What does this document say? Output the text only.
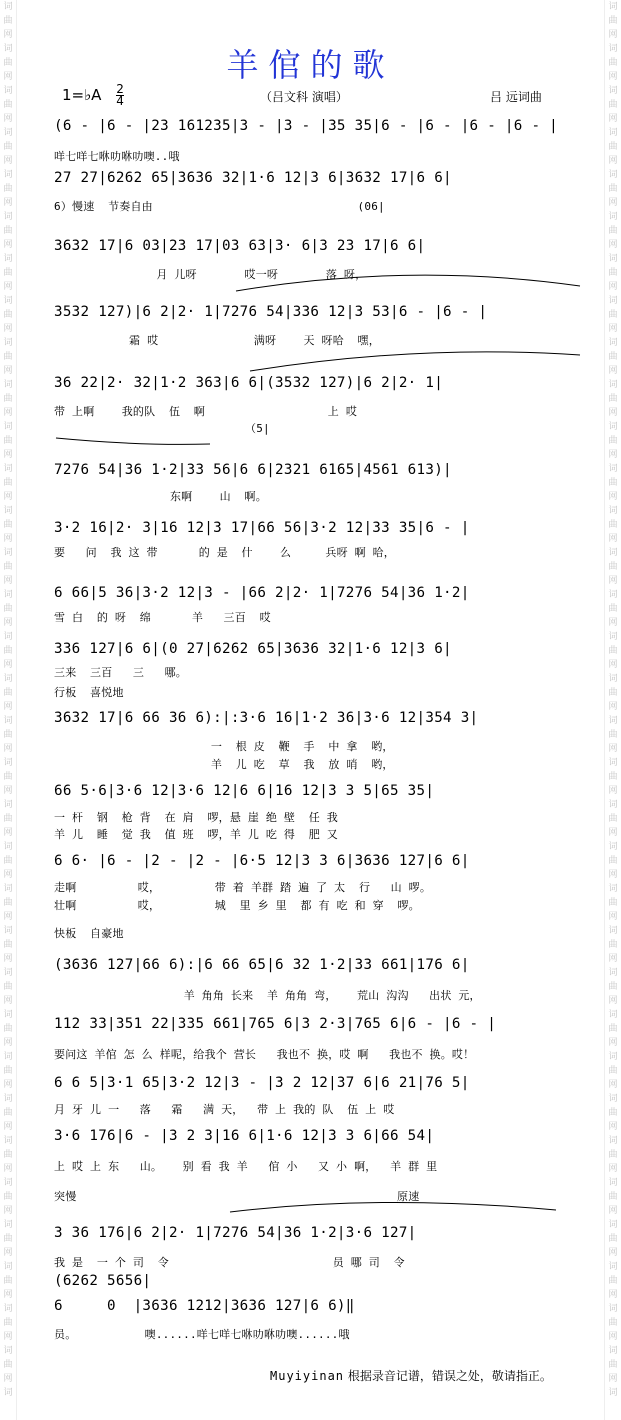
词
曲
网
词
曲
网
词
曲
网
词
曲
网
词
曲
网
词
曲
网
词
曲
网
词
曲
网
词
曲
网
词
曲
网
词
曲
网
词
曲
网
词
曲
网
词
曲
网
词
曲
网
词
曲
网
词
曲
网
词
曲
网
词
曲
网
词
曲
网
词
曲
网
词
曲
网
词
曲
网
词
曲
网
词
曲
网
词
曲
网
词
曲
网
词
曲
网
词
曲
网
词
曲
网
词
曲
网
词
曲
网
词
曲
网
词

词
曲
网
词
曲
网
词
曲
网
词
曲
网
词
曲
网
词
曲
网
词
曲
网
词
曲
网
词
曲
网
词
曲
网
词
曲
网
词
曲
网
词
曲
网
词
曲
网
词
曲
网
词
曲
网
词
曲
网
词
曲
网
词
曲
网
词
曲
网
词
曲
网
词
曲
网
词
曲
网
词
曲
网
词
曲
网
词
曲
网
词
曲
网
词
曲
网
词
曲
网
词
曲
网
词
曲
网
词
曲
网
词
曲
网
词

羊倌的歌
1=♭A $\frac{2}{4}$	（吕文科 演唱）	吕 远词曲
(6 - |6 - |23 161235|3 - |3 - |35 35|6 - |6 - |6 - |6 - |
咩七咩七咻叻咻叻噢..哦
27 27|6262 65|3636 32|1·6 12|3 6|3632 17|6 6|
6）慢速  节奏自由                              (06|
3632 17|6 03|23 17|03 63|3· 6|3 23 17|6 6|
月 儿呀       哎一呀       落 呀，
3532 127)|6 2|2· 1|7276 54|336 12|3 53|6 - |6 - |
霜 哎              满呀    天 呀哈  嘿，
36 22|2· 32|1·2 363|6 6|(3532 127)|6 2|2· 1|
带 上啊    我的队  伍  啊                  上 哎
（5|
7276 54|36 1·2|33 56|6 6|2321 6165|4561 613)|
东啊    山  啊。
3·2 16|2· 3|16 12|3 17|66 56|3·2 12|33 35|6 - |
要   问  我 这 带      的 是  什    么     兵呀 啊 哈，
6 66|5 36|3·2 12|3 - |66 2|2· 1|7276 54|36 1·2|
雪 白  的 呀  绵      羊   三百  哎
336 127|6 6|(0 27|6262 65|3636 32|1·6 12|3 6|
三来  三百   三   哪。
行板  喜悦地
3632 17|6 66 36 6):|:3·6 16|1·2 36|3·6 12|354 3|
一  根 皮  鞭  手  中 拿  哟，
羊  儿 吃  草  我  放 哨  哟，
66 5·6|3·6 12|3·6 12|6 6|16 12|3 3 5|65 35|
一 杆  钢  枪 背  在 肩  啰，悬 崖 绝 壁  任 我
羊 儿  睡  觉 我  值 班  啰，羊 儿 吃 得  肥 又
6 6· |6 - |2 - |2 - |6·5 12|3 3 6|3636 127|6 6|
走啊         哎，        带 着 羊群 踏 遍 了 太  行   山 啰。
壮啊         哎，        城  里 乡 里  都 有 吃 和 穿  啰。
快板  自豪地
(3636 127|66 6):|6 66 65|6 32 1·2|33 661|176 6|
羊 角角 长来  羊 角角 弯，   荒山 沟沟   出状 元，
112 33|351 22|335 661|765 6|3 2·3|765 6|6 - |6 - |
要问这 羊倌 怎 么 样呢，给我个 营长   我也不 换，哎 啊   我也不 换。哎！
6 6 5|3·1 65|3·2 12|3 - |3 2 12|37 6|6 21|76 5|
月 牙 儿 一   落   霜   满 天，  带 上 我的 队  伍 上 哎
3·6 176|6 - |3 2 3|16 6|1·6 12|3 3 6|66 54|
上 哎 上 东   山。   别 看 我 羊   倌 小   又 小 啊，  羊 群 里
突慢                                               原速
3 36 176|6 2|2· 1|7276 54|36 1·2|3·6 127|
我 是  一 个 司  令                        员 哪 司  令
(6262 5656|
6     0  |3636 1212|3636 127|6 6)‖
员。          噢......咩七咩七咻叻咻叻噢......哦
Muyiyinan 根据录音记谱，错误之处，敬请指正。
